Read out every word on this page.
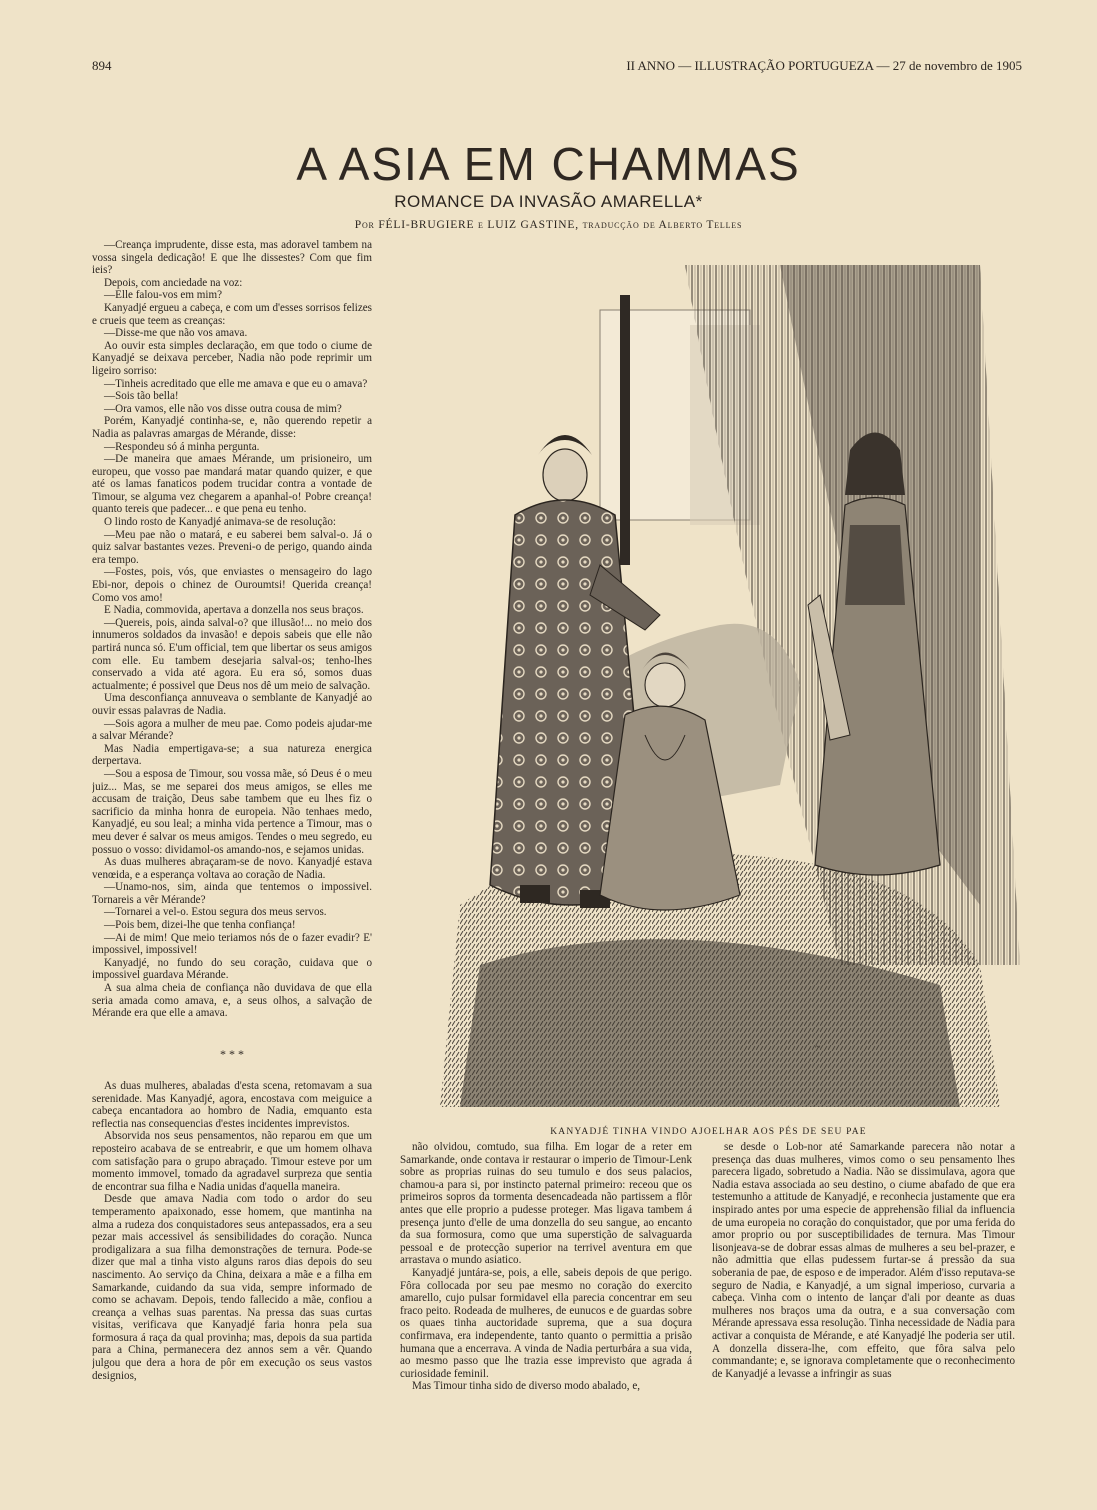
894	II ANNO — ILLUSTRAÇÃO PORTUGUEZA — 27 de novembro de 1905
A ASIA EM CHAMMAS
ROMANCE DA INVASÃO AMARELLA*
Por FÉLI-BRUGIERE e LUIZ GASTINE, traducção de Alberto Telles

—Creança imprudente, disse esta, mas adoravel tambem na vossa singela dedicação! E que lhe dissestes? Com que fim ieis?

Depois, com anciedade na voz:

—Elle falou-vos em mim?

Kanyadjé ergueu a cabeça, e com um d'esses sorrisos felizes e crueis que teem as creanças:

—Disse-me que não vos amava.

Ao ouvir esta simples declaração, em que todo o ciume de Kanyadjé se deixava perceber, Nadia não pode reprimir um ligeiro sorriso:

—Tinheis acreditado que elle me amava e que eu o amava?

—Sois tão bella!

—Ora vamos, elle não vos disse outra cousa de mim?

Porém, Kanyadjé continha-se, e, não querendo repetir a Nadia as palavras amargas de Mérande, disse:

—Respondeu só á minha pergunta.

—De maneira que amaes Mérande, um prisioneiro, um europeu, que vosso pae mandará matar quando quizer, e que até os lamas fanaticos podem trucidar contra a vontade de Timour, se alguma vez chegarem a apanhal-o! Pobre creança! quanto tereis que padecer... e que pena eu tenho.

O lindo rosto de Kanyadjé animava-se de resolução:

—Meu pae não o matará, e eu saberei bem salval-o. Já o quiz salvar bastantes vezes. Preveni-o de perigo, quando ainda era tempo.

—Fostes, pois, vós, que enviastes o mensageiro do lago Ebi-nor, depois o chinez de Ouroumtsi! Querida creança! Como vos amo!

E Nadia, commovida, apertava a donzella nos seus braços.

—Quereis, pois, ainda salval-o? que illusão!... no meio dos innumeros soldados da invasão! e depois sabeis que elle não partirá nunca só. E'um official, tem que libertar os seus amigos com elle. Eu tambem desejaria salval-os; tenho-lhes conservado a vida até agora. Eu era só, somos duas actualmente; é possivel que Deus nos dê um meio de salvação.

Uma desconfiança annuveava o semblante de Kanyadjé ao ouvir essas palavras de Nadia.

—Sois agora a mulher de meu pae. Como podeis ajudar-me a salvar Mérande?

Mas Nadia empertigava-se; a sua natureza energica derpertava.

—Sou a esposa de Timour, sou vossa mãe, só Deus é o meu juiz... Mas, se me separei dos meus amigos, se elles me accusam de traição, Deus sabe tambem que eu lhes fiz o sacrificio da minha honra de europeia. Não tenhaes medo, Kanyadjé, eu sou leal; a minha vida pertence a Timour, mas o meu dever é salvar os meus amigos. Tendes o meu segredo, eu possuo o vosso: dividamol-os amando-nos, e sejamos unidas.

As duas mulheres abraçaram-se de novo. Kanyadjé estava venœida, e a esperança voltava ao coração de Nadia.

—Unamo-nos, sim, ainda que tentemos o impossivel. Tornareis a vêr Mérande?

—Tornarei a vel-o. Estou segura dos meus servos.

—Pois bem, dizei-lhe que tenha confiança!

—Ai de mim! Que meio teriamos nós de o fazer evadir? E' impossivel, impossivel!

Kanyadjé, no fundo do seu coração, cuidava que o impossivel guardava Mérande.

A sua alma cheia de confiança não duvidava de que ella seria amada como amava, e, a seus olhos, a salvação de Mérande era que elle a amava.

* * *

As duas mulheres, abaladas d'esta scena, retomavam a sua serenidade. Mas Kanyadjé, agora, encostava com meiguice a cabeça encantadora ao hombro de Nadia, emquanto esta reflectia nas consequencias d'estes incidentes imprevistos.

Absorvida nos seus pensamentos, não reparou em que um reposteiro acabava de se entreabrir, e que um homem olhava com satisfação para o grupo abraçado. Timour esteve por um momento immovel, tomado da agradavel surpreza que sentia de encontrar sua filha e Nadia unidas d'aquella maneira.

Desde que amava Nadia com todo o ardor do seu temperamento apaixonado, esse homem, que mantinha na alma a rudeza dos conquistadores seus antepassados, era a seu pezar mais accessivel ás sensibilidades do coração. Nunca prodigalizara a sua filha demonstrações de ternura. Pode-se dizer que mal a tinha visto alguns raros dias depois do seu nascimento. Ao serviço da China, deixara a mãe e a filha em Samarkande, cuidando da sua vida, sempre informado de como se achavam. Depois, tendo fallecido a mãe, confiou a creança a velhas suas parentas. Na pressa das suas curtas visitas, verificava que Kanyadjé faria honra pela sua formosura á raça da qual provinha; mas, depois da sua partida para a China, permanecera dez annos sem a vêr. Quando julgou que dera a hora de pôr em execução os seus vastos designios,

~
KANYADJÉ TINHA VINDO AJOELHAR AOS PÉS DE SEU PAE

não olvidou, comtudo, sua filha. Em logar de a reter em Samarkande, onde contava ir restaurar o imperio de Timour-Lenk sobre as proprias ruinas do seu tumulo e dos seus palacios, chamou-a para si, por instincto paternal primeiro: receou que os primeiros sopros da tormenta desencadeada não partissem a flôr antes que elle proprio a pudesse proteger. Mas ligava tambem á presença junto d'elle de uma donzella do seu sangue, ao encanto da sua formosura, como que uma superstição de salvaguarda pessoal e de protecção superior na terrivel aventura em que arrastava o mundo asiatico.

Kanyadjé juntára-se, pois, a elle, sabeis depois de que perigo. Fôra collocada por seu pae mesmo no coração do exercito amarello, cujo pulsar formidavel ella parecia concentrar em seu fraco peito. Rodeada de mulheres, de eunucos e de guardas sobre os quaes tinha auctoridade suprema, que a sua doçura confirmava, era independente, tanto quanto o permittia a prisão humana que a encerrava. A vinda de Nadia perturbára a sua vida, ao mesmo passo que lhe trazia esse imprevisto que agrada á curiosidade feminil.

Mas Timour tinha sido de diverso modo abalado, e,

se desde o Lob-nor até Samarkande parecera não notar a presença das duas mulheres, vimos como o seu pensamento lhes parecera ligado, sobretudo a Nadia. Não se dissimulava, agora que Nadia estava associada ao seu destino, o ciume abafado de que era testemunho a attitude de Kanyadjé, e reconhecia justamente que era inspirado antes por uma especie de apprehensão filial da influencia de uma europeia no coração do conquistador, que por uma ferida do amor proprio ou por susceptibilidades de ternura. Mas Timour lisonjeava-se de dobrar essas almas de mulheres a seu bel-prazer, e não admittia que ellas pudessem furtar-se á pressão da sua soberania de pae, de esposo e de imperador. Além d'isso reputava-se seguro de Nadia, e Kanyadjé, a um signal imperioso, curvaria a cabeça. Vinha com o intento de lançar d'ali por deante as duas mulheres nos braços uma da outra, e a sua conversação com Mérande apressava essa resolução. Tinha necessidade de Nadia para activar a conquista de Mérande, e até Kanyadjé lhe poderia ser util. A donzella dissera-lhe, com effeito, que fôra salva pelo commandante; e, se ignorava completamente que o reconhecimento de Kanyadjé a levasse a infringir as suas
